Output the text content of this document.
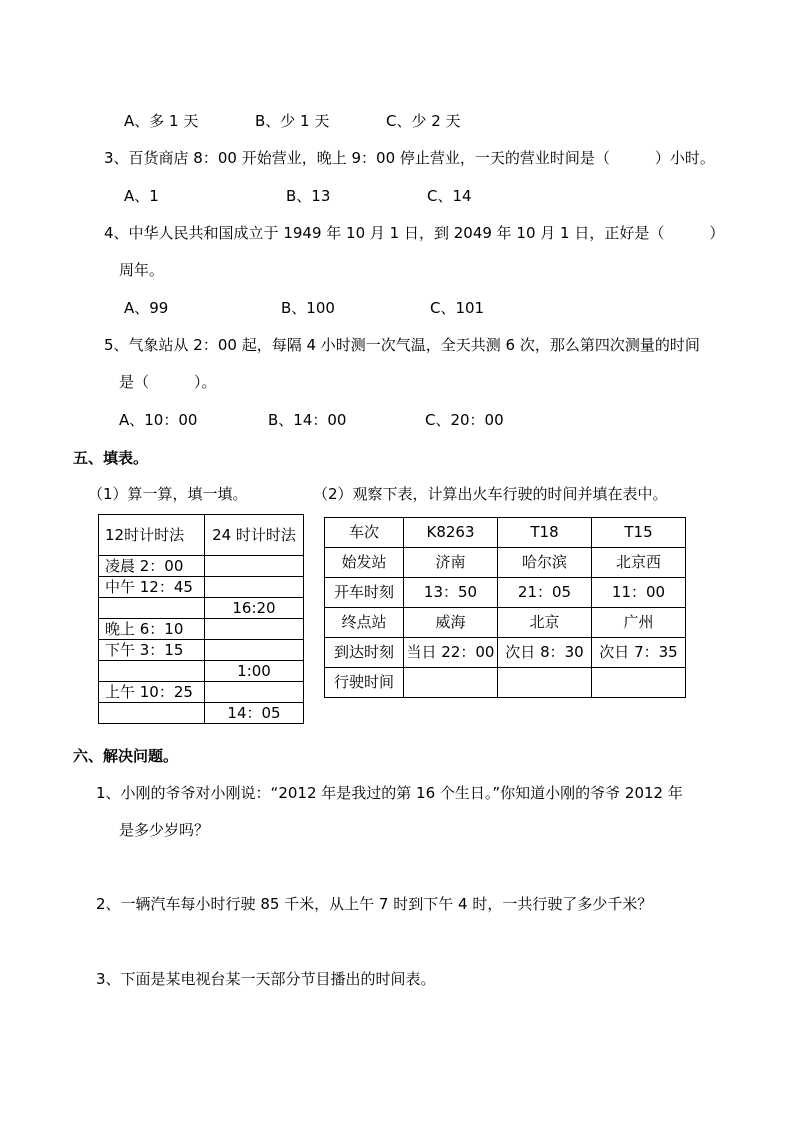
A、多 1 天	B、少 1 天	C、少 2 天
3、百货商店 8：00 开始营业，晚上 9：00 停止营业，一天的营业时间是（　　　）小时。
A、1	B、13	C、14
4、中华人民共和国成立于 1949 年 10 月 1 日，到 2049 年 10 月 1 日，正好是（　　　）
周年。
A、99	B、100	C、101
5、气象站从 2：00 起，每隔 4 小时测一次气温，全天共测 6 次，那么第四次测量的时间
是（　　　）。
A、10：00	B、14：00	C、20：00
五、填表。
（1）算一算，填一填。	（2）观察下表，计算出火车行驶的时间并填在表中。
12时计时法	24 时计时法
凌晨 2：00	
中午 12：45	
	16:20
晚上 6：10	
下午 3：15	
	1:00
上午 10：25	
	14：05
车次	K8263	T18	T15
始发站	济南	哈尔滨	北京西
开车时刻	13：50	21：05	11：00
终点站	威海	北京	广州
到达时刻	当日 22：00	次日 8：30	次日 7：35
行驶时间			
六、解决问题。
1、小刚的爷爷对小刚说：“2012 年是我过的第 16 个生日。”你知道小刚的爷爷 2012 年
是多少岁吗？
2、一辆汽车每小时行驶 85 千米，从上午 7 时到下午 4 时，一共行驶了多少千米？
3、下面是某电视台某一天部分节目播出的时间表。
